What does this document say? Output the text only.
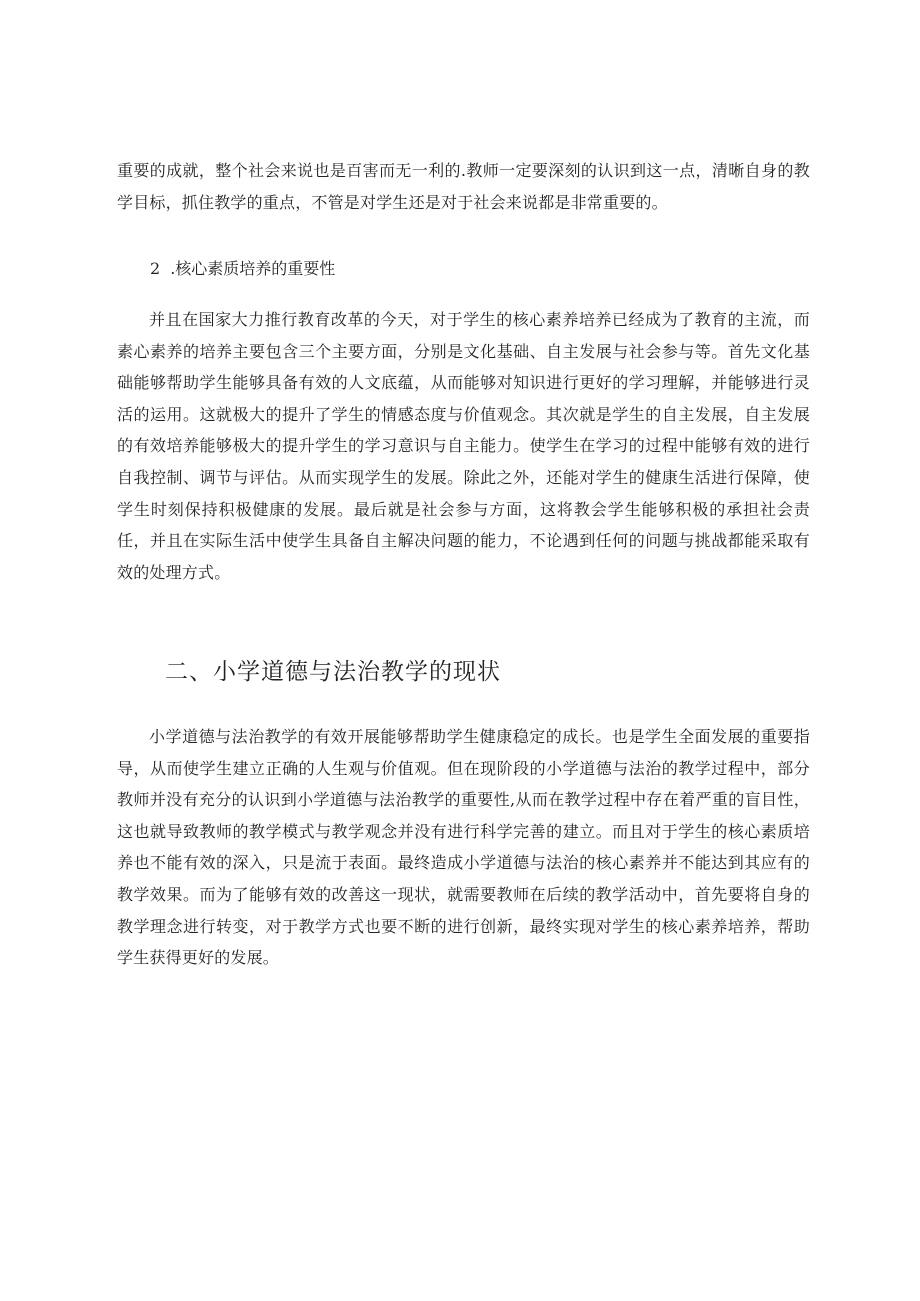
重要的成就，整个社会来说也是百害而无一利的.教师一定要深刻的认识到这一点，清晰自身的教学目标，抓住教学的重点，不管是对学生还是对于社会来说都是非常重要的。

2 .核心素质培养的重要性

并且在国家大力推行教育改革的今天，对于学生的核心素养培养已经成为了教育的主流，而素心素养的培养主要包含三个主要方面，分别是文化基础、自主发展与社会参与等。首先文化基础能够帮助学生能够具备有效的人文底蕴，从而能够对知识进行更好的学习理解，并能够进行灵活的运用。这就极大的提升了学生的情感态度与价值观念。其次就是学生的自主发展，自主发展的有效培养能够极大的提升学生的学习意识与自主能力。使学生在学习的过程中能够有效的进行自我控制、调节与评估。从而实现学生的发展。除此之外，还能对学生的健康生活进行保障，使学生时刻保持积极健康的发展。最后就是社会参与方面，这将教会学生能够积极的承担社会责任，并且在实际生活中使学生具备自主解决问题的能力，不论遇到任何的问题与挑战都能采取有效的处理方式。

二、小学道德与法治教学的现状

小学道德与法治教学的有效开展能够帮助学生健康稳定的成长。也是学生全面发展的重要指导，从而使学生建立正确的人生观与价值观。但在现阶段的小学道德与法治的教学过程中，部分教师并没有充分的认识到小学道德与法治教学的重要性,从而在教学过程中存在着严重的盲目性，这也就导致教师的教学模式与教学观念并没有进行科学完善的建立。而且对于学生的核心素质培养也不能有效的深入，只是流于表面。最终造成小学道德与法治的核心素养并不能达到其应有的教学效果。而为了能够有效的改善这一现状，就需要教师在后续的教学活动中，首先要将自身的教学理念进行转变，对于教学方式也要不断的进行创新，最终实现对学生的核心素养培养，帮助学生获得更好的发展。
